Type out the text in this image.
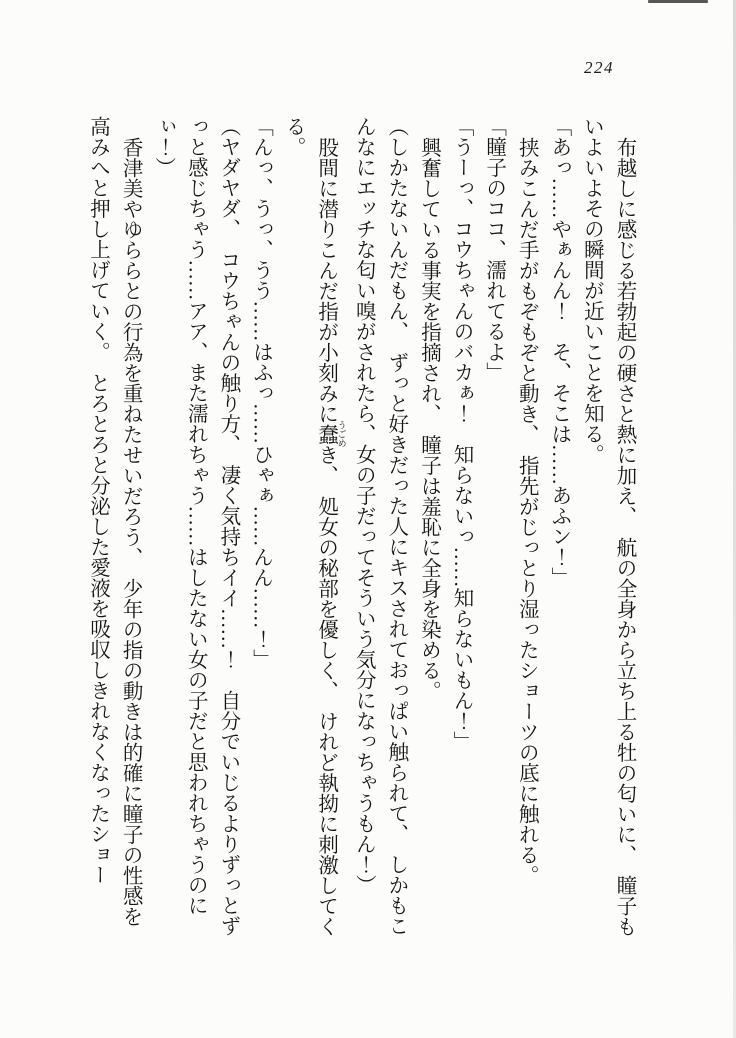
224

布越しに感じる若勃起の硬さと熱に加え、　航の全身から立ち上る牡の匂いに、　瞳子もいよいよその瞬間が近いことを知る。

「あっ……やぁんん！　そ、そこは……あふン！」

挟みこんだ手がもぞもぞと動き、　指先がじっとり湿ったショーツの底に触れる。

「瞳子のココ、濡れてるよ」

「うーっ、コウちゃんのバカぁ！　知らないっ……知らないもん！」

興奮している事実を指摘され、　瞳子は羞恥に全身を染める。

（しかたないんだもん、　ずっと好きだった人にキスされておっぱい触られて、　しかもこんなにエッチな匂い嗅がされたら、女の子だってそういう気分になっちゃうもん！）

股間に潜りこんだ指が小刻みに蠢 うごめき、　処女の秘部を優しく、　けれど執拗に刺激してくる。

「んっ、うっ、うう……はふっ……ひゃぁ……んん……！」

（ヤダヤダ、　コウちゃんの触り方、　凄く気持ちイイ……！　自分でいじるよりずっとずっと感じちゃう……アア、また濡れちゃう……はしたない女の子だと思われちゃうのにぃ！）

香津美やゆららとの行為を重ねたせいだろう、　少年の指の動きは的確に瞳子の性感を高みへと押し上げていく。　とろとろと分泌した愛液を吸収しきれなくなったショー
